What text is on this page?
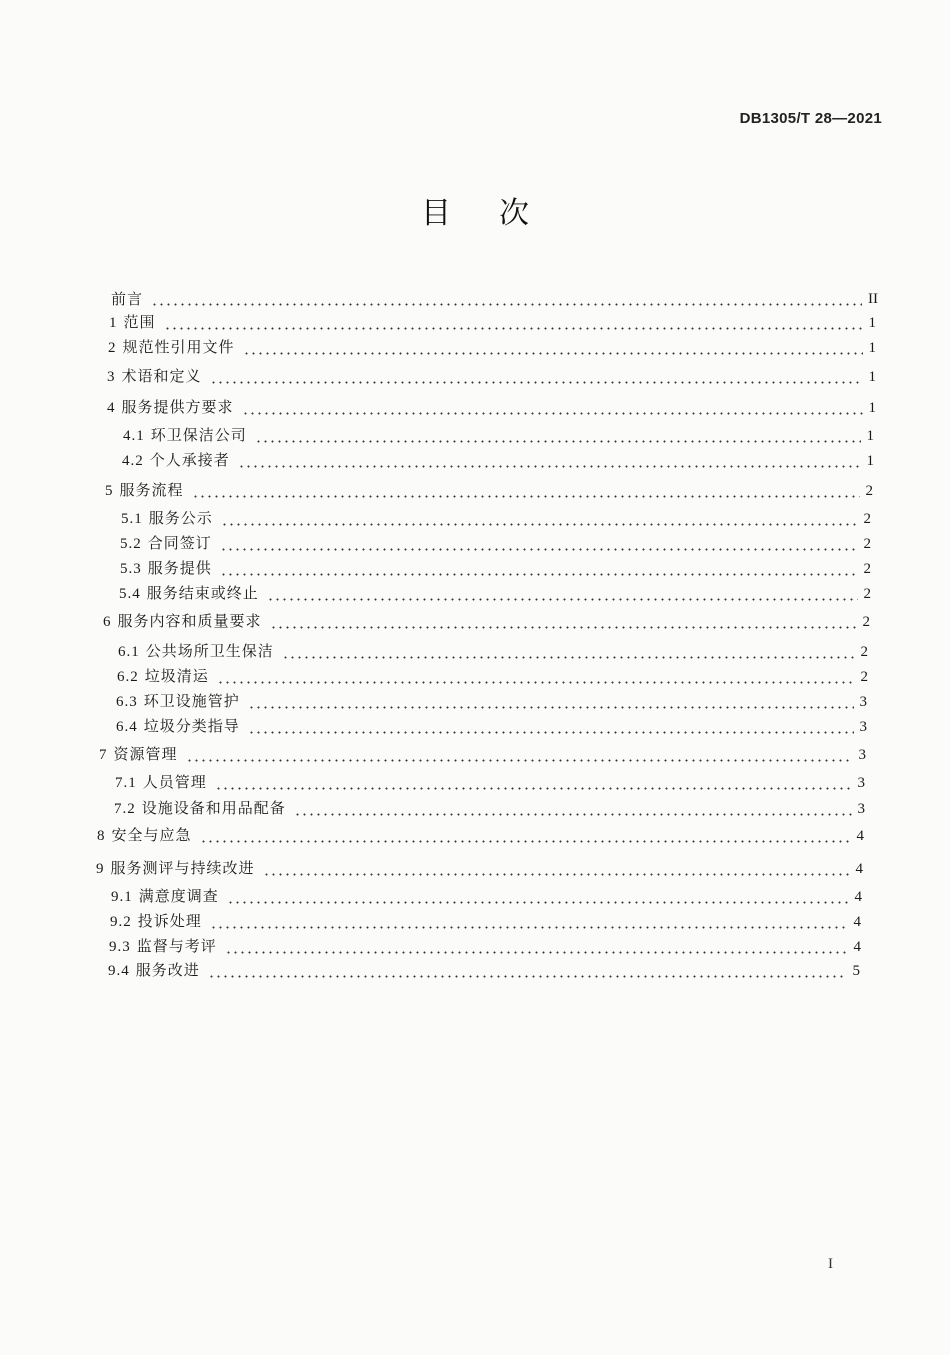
DB1305/T 28—2021
目次
前言	II
1 范围	1
2 规范性引用文件	1
3 术语和定义	1
4 服务提供方要求	1
4.1 环卫保洁公司	1
4.2 个人承接者	1
5 服务流程	2
5.1 服务公示	2
5.2 合同签订	2
5.3 服务提供	2
5.4 服务结束或终止	2
6 服务内容和质量要求	2
6.1 公共场所卫生保洁	2
6.2 垃圾清运	2
6.3 环卫设施管护	3
6.4 垃圾分类指导	3
7 资源管理	3
7.1 人员管理	3
7.2 设施设备和用品配备	3
8 安全与应急	4
9 服务测评与持续改进	4
9.1 满意度调查	4
9.2 投诉处理	4
9.3 监督与考评	4
9.4 服务改进	5
I
